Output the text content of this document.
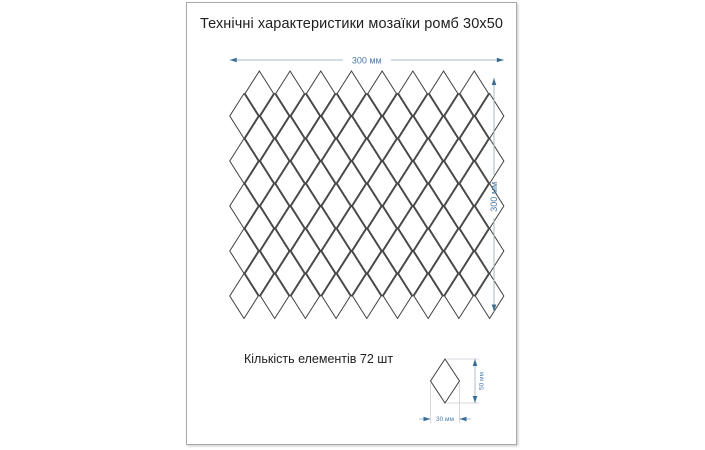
Технічні характеристики мозаїки ромб 30х50
300 мм
300 мм
50 мм
30 мм
Кількість елементів 72 шт
